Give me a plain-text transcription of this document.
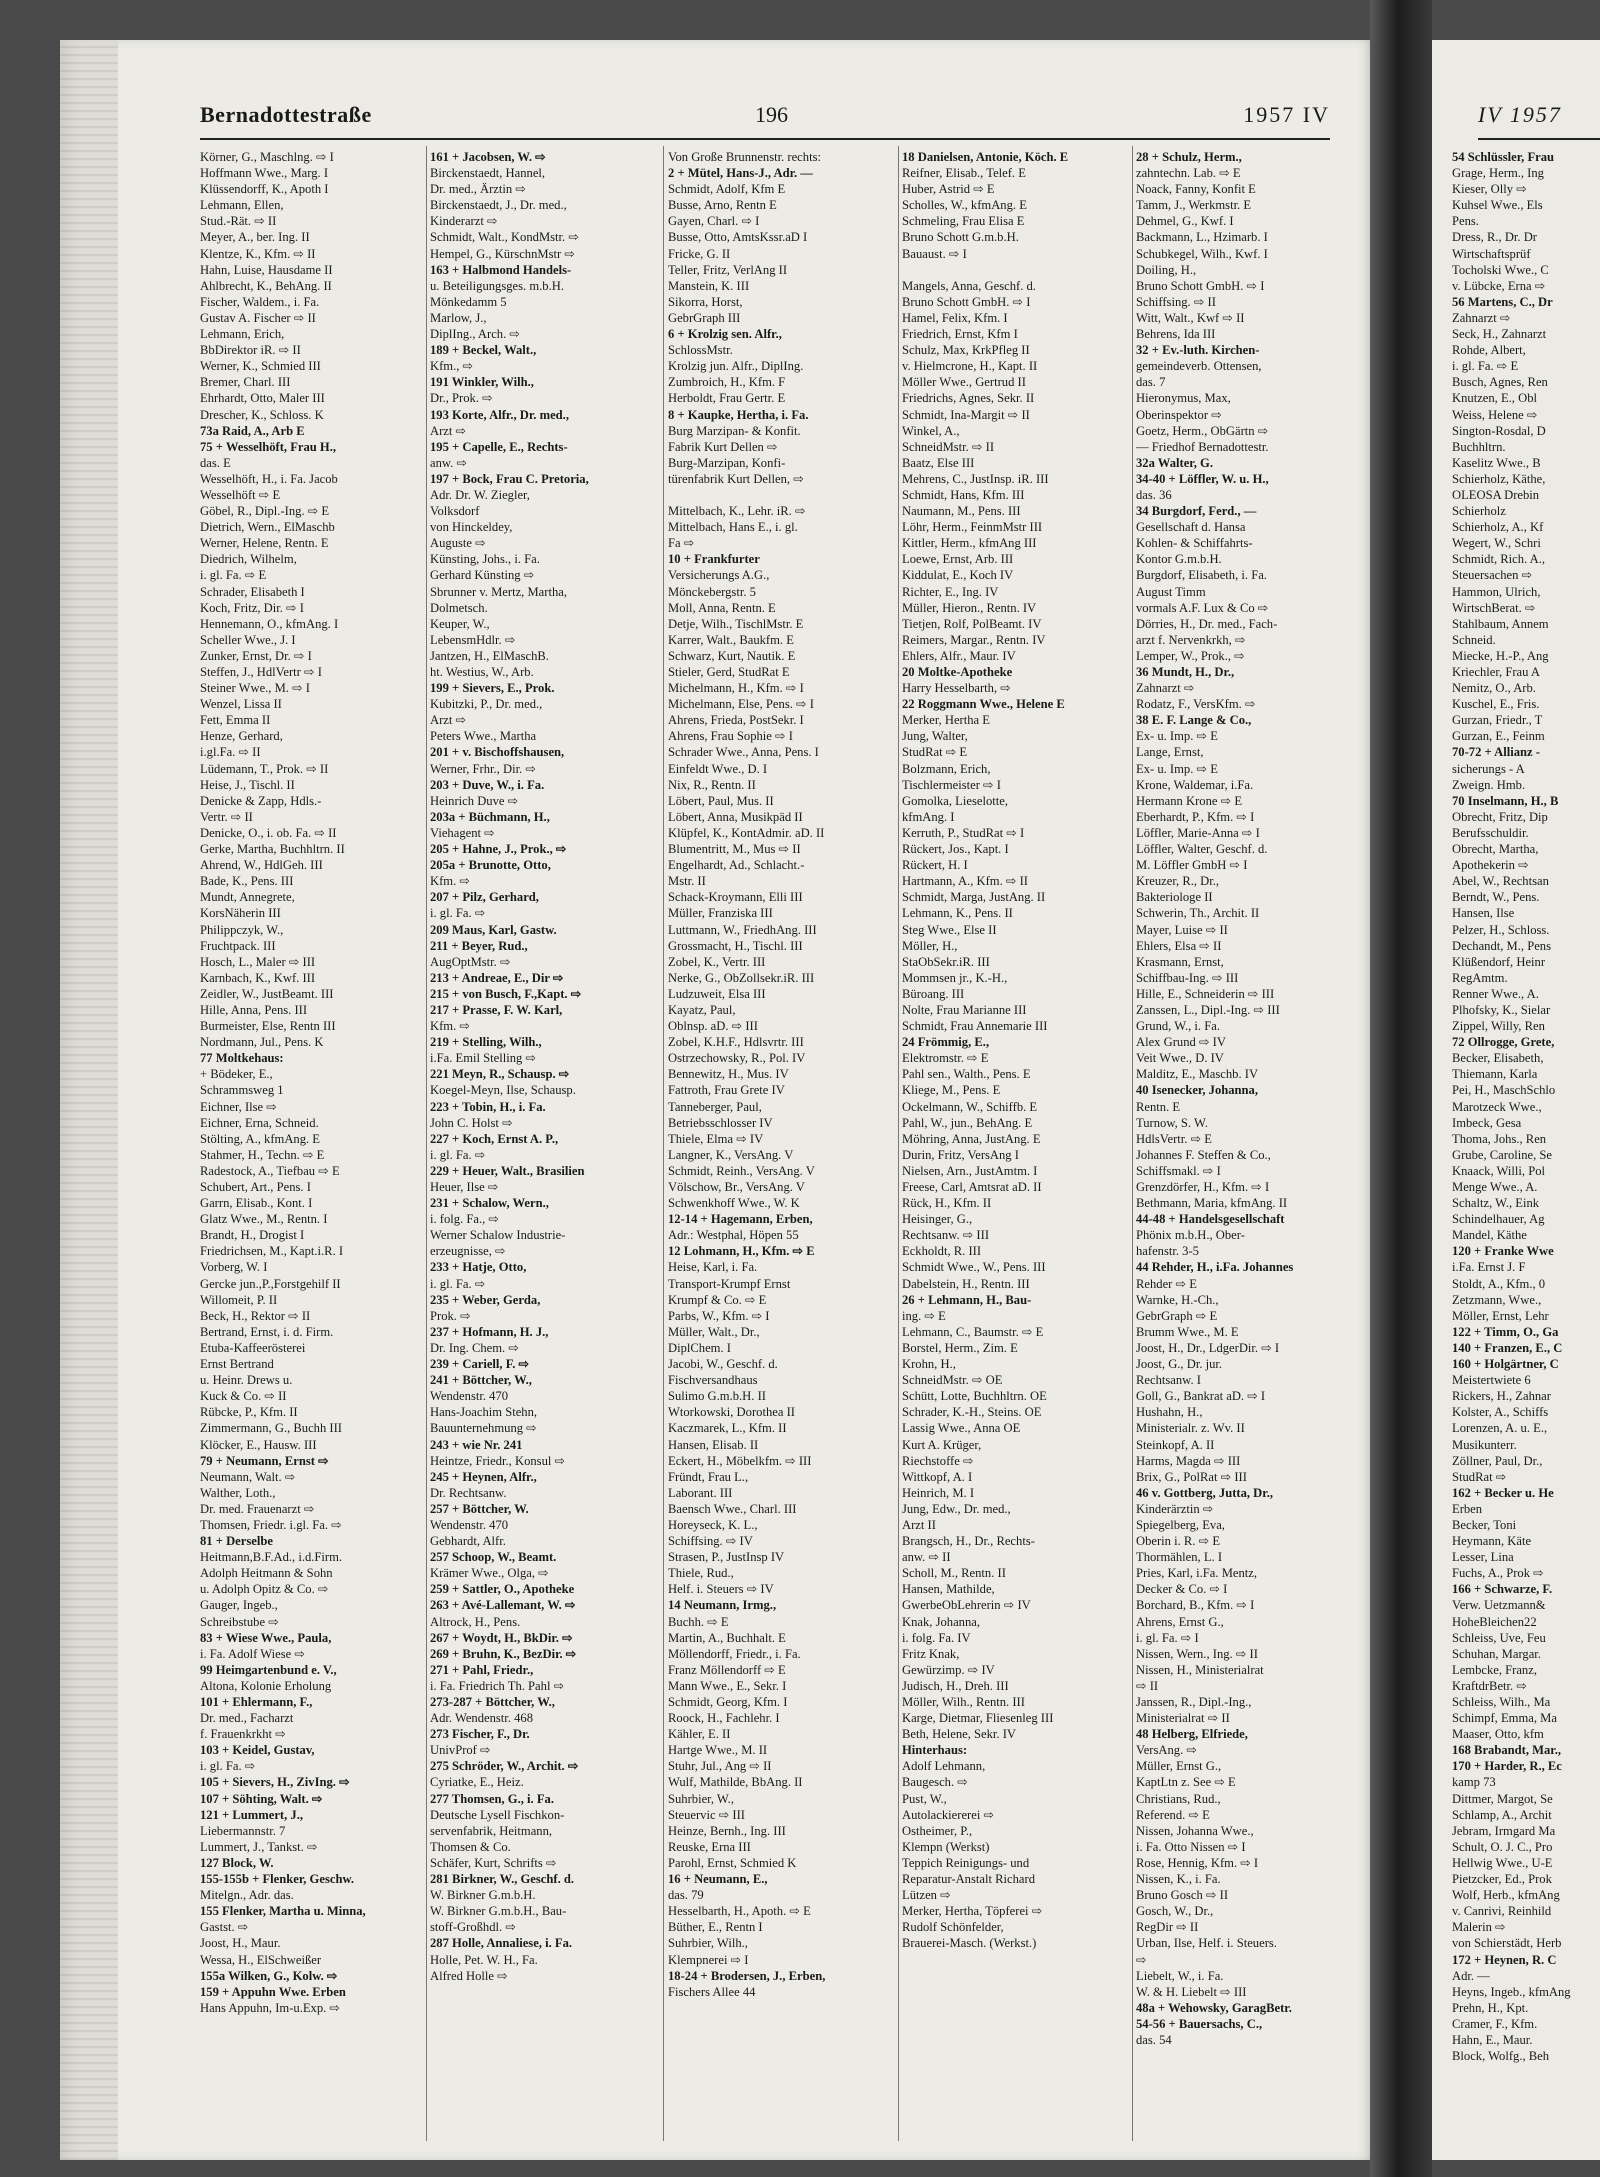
Bernadottestraße	196	1957 IV	IV 1957
Körner, G., Maschlng. ⇨ I
Hoffmann Wwe., Marg. I
Klüssendorff, K., Apoth I
Lehmann, Ellen,
Stud.-Rät. ⇨ II
Meyer, A., ber. Ing. II
Klentze, K., Kfm. ⇨ II
Hahn, Luise, Hausdame II
Ahlbrecht, K., BehAng. II
Fischer, Waldem., i. Fa.
Gustav A. Fischer ⇨ II
Lehmann, Erich,
BbDirektor iR. ⇨ II
Werner, K., Schmied III
Bremer, Charl. III
Ehrhardt, Otto, Maler III
Drescher, K., Schloss. K
73a Raid, A., Arb E
75 + Wesselhöft, Frau H.,
das. E
Wesselhöft, H., i. Fa. Jacob
Wesselhöft ⇨ E
Göbel, R., Dipl.-Ing. ⇨ E
Dietrich, Wern., ElMaschb
Werner, Helene, Rentn. E
Diedrich, Wilhelm,
i. gl. Fa. ⇨ E
Schrader, Elisabeth I
Koch, Fritz, Dir. ⇨ I
Hennemann, O., kfmAng. I
Scheller Wwe., J. I
Zunker, Ernst, Dr. ⇨ I
Steffen, J., HdlVertr ⇨ I
Steiner Wwe., M. ⇨ I
Wenzel, Lissa II
Fett, Emma II
Henze, Gerhard,
i.gl.Fa. ⇨ II
Lüdemann, T., Prok. ⇨ II
Heise, J., Tischl. II
Denicke & Zapp, Hdls.-
Vertr. ⇨ II
Denicke, O., i. ob. Fa. ⇨ II
Gerke, Martha, Buchhltrn. II
Ahrend, W., HdlGeh. III
Bade, K., Pens. III
Mundt, Annegrete,
KorsNäherin III
Philippczyk, W.,
Fruchtpack. III
Hosch, L., Maler ⇨ III
Karnbach, K., Kwf. III
Zeidler, W., JustBeamt. III
Hille, Anna, Pens. III
Burmeister, Else, Rentn III
Nordmann, Jul., Pens. K
77 Moltkehaus:
+ Bödeker, E.,
Schrammsweg 1
Eichner, Ilse ⇨
Eichner, Erna, Schneid.
Stölting, A., kfmAng. E
Stahmer, H., Techn. ⇨ E
Radestock, A., Tiefbau ⇨ E
Schubert, Art., Pens. I
Garrn, Elisab., Kont. I
Glatz Wwe., M., Rentn. I
Brandt, H., Drogist I
Friedrichsen, M., Kapt.i.R. I
Vorberg, W. I
Gercke jun.,P.,Forstgehilf II
Willomeit, P. II
Beck, H., Rektor ⇨ II
Bertrand, Ernst, i. d. Firm.
Etuba-Kaffeerösterei
Ernst Bertrand
u. Heinr. Drews u.
Kuck & Co. ⇨ II
Rübcke, P., Kfm. II
Zimmermann, G., Buchh III
Klöcker, E., Hausw. III
79 + Neumann, Ernst ⇨
Neumann, Walt. ⇨
Walther, Loth.,
Dr. med. Frauenarzt ⇨
Thomsen, Friedr. i.gl. Fa. ⇨
81 + Derselbe
Heitmann,B.F.Ad., i.d.Firm.
Adolph Heitmann & Sohn
u. Adolph Opitz & Co. ⇨
Gauger, Ingeb.,
Schreibstube ⇨
83 + Wiese Wwe., Paula,
i. Fa. Adolf Wiese ⇨
99 Heimgartenbund e. V.,
Altona, Kolonie Erholung
101 + Ehlermann, F.,
Dr. med., Facharzt
f. Frauenkrkht ⇨
103 + Keidel, Gustav,
i. gl. Fa. ⇨
105 + Sievers, H., ZivIng. ⇨
107 + Söhting, Walt. ⇨
121 + Lummert, J.,
Liebermannstr. 7
Lummert, J., Tankst. ⇨
127 Block, W.
155-155b + Flenker, Geschw.
Mitelgn., Adr. das.
155 Flenker, Martha u. Minna,
Gastst. ⇨
Joost, H., Maur.
Wessa, H., ElSchweißer
155a Wilken, G., Kolw. ⇨
159 + Appuhn Wwe. Erben
Hans Appuhn, Im-u.Exp. ⇨
161 + Jacobsen, W. ⇨
Birckenstaedt, Hannel,
Dr. med., Ärztin ⇨
Birckenstaedt, J., Dr. med.,
Kinderarzt ⇨
Schmidt, Walt., KondMstr. ⇨
Hempel, G., KürschnMstr ⇨
163 + Halbmond Handels-
u. Beteiligungsges. m.b.H.
Mönkedamm 5
Marlow, J.,
DiplIng., Arch. ⇨
189 + Beckel, Walt.,
Kfm., ⇨
191 Winkler, Wilh.,
Dr., Prok. ⇨
193 Korte, Alfr., Dr. med.,
Arzt ⇨
195 + Capelle, E., Rechts-
anw. ⇨
197 + Bock, Frau C. Pretoria,
Adr. Dr. W. Ziegler,
Volksdorf
von Hinckeldey,
Auguste ⇨
Künsting, Johs., i. Fa.
Gerhard Künsting ⇨
Sbrunner v. Mertz, Martha,
Dolmetsch.
Keuper, W.,
LebensmHdlr. ⇨
Jantzen, H., ElMaschB.
ht. Westius, W., Arb.
199 + Sievers, E., Prok.
Kubitzki, P., Dr. med.,
Arzt ⇨
Peters Wwe., Martha
201 + v. Bischoffshausen,
Werner, Frhr., Dir. ⇨
203 + Duve, W., i. Fa.
Heinrich Duve ⇨
203a + Büchmann, H.,
Viehagent ⇨
205 + Hahne, J., Prok., ⇨
205a + Brunotte, Otto,
Kfm. ⇨
207 + Pilz, Gerhard,
i. gl. Fa. ⇨
209 Maus, Karl, Gastw.
211 + Beyer, Rud.,
AugOptMstr. ⇨
213 + Andreae, E., Dir ⇨
215 + von Busch, F.,Kapt. ⇨
217 + Prasse, F. W. Karl,
Kfm. ⇨
219 + Stelling, Wilh.,
i.Fa. Emil Stelling ⇨
221 Meyn, R., Schausp. ⇨
Koegel-Meyn, Ilse, Schausp.
223 + Tobin, H., i. Fa.
John C. Holst ⇨
227 + Koch, Ernst A. P.,
i. gl. Fa. ⇨
229 + Heuer, Walt., Brasilien
Heuer, Ilse ⇨
231 + Schalow, Wern.,
i. folg. Fa., ⇨
Werner Schalow Industrie-
erzeugnisse, ⇨
233 + Hatje, Otto,
i. gl. Fa. ⇨
235 + Weber, Gerda,
Prok. ⇨
237 + Hofmann, H. J.,
Dr. Ing. Chem. ⇨
239 + Cariell, F. ⇨
241 + Böttcher, W.,
Wendenstr. 470
Hans-Joachim Stehn,
Bauunternehmung ⇨
243 + wie Nr. 241
Heintze, Friedr., Konsul ⇨
245 + Heynen, Alfr.,
Dr. Rechtsanw.
257 + Böttcher, W.
Wendenstr. 470
Gebhardt, Alfr.
257 Schoop, W., Beamt.
Krämer Wwe., Olga, ⇨
259 + Sattler, O., Apotheke
263 + Avé-Lallemant, W. ⇨
Altrock, H., Pens.
267 + Woydt, H., BkDir. ⇨
269 + Bruhn, K., BezDir. ⇨
271 + Pahl, Friedr.,
i. Fa. Friedrich Th. Pahl ⇨
273-287 + Böttcher, W.,
Adr. Wendenstr. 468
273 Fischer, F., Dr.
UnivProf ⇨
275 Schröder, W., Archit. ⇨
Cyriatke, E., Heiz.
277 Thomsen, G., i. Fa.
Deutsche Lysell Fischkon-
servenfabrik, Heitmann,
Thomsen & Co.
Schäfer, Kurt, Schrifts ⇨
281 Birkner, W., Geschf. d.
W. Birkner G.m.b.H.
W. Birkner G.m.b.H., Bau-
stoff-Großhdl. ⇨
287 Holle, Annaliese, i. Fa.
Holle, Pet. W. H., Fa.
Alfred Holle ⇨
Von Große Brunnenstr. rechts:
2 + Mütel, Hans-J., Adr. —
Schmidt, Adolf, Kfm E
Busse, Arno, Rentn E
Gayen, Charl. ⇨ I
Busse, Otto, AmtsKssr.aD I
Fricke, G. II
Teller, Fritz, VerlAng II
Manstein, K. III
Sikorra, Horst,
GebrGraph III
6 + Krolzig sen. Alfr.,
SchlossMstr.
Krolzig jun. Alfr., DiplIng.
Zumbroich, H., Kfm. F
Herboldt, Frau Gertr. E
8 + Kaupke, Hertha, i. Fa.
Burg Marzipan- & Konfit.
Fabrik Kurt Dellen ⇨
Burg-Marzipan, Konfi-
türenfabrik Kurt Dellen, ⇨

Mittelbach, K., Lehr. iR. ⇨
Mittelbach, Hans E., i. gl.
Fa ⇨
10 + Frankfurter
Versicherungs A.G.,
Mönckebergstr. 5
Moll, Anna, Rentn. E
Detje, Wilh., TischlMstr. E
Karrer, Walt., Baukfm. E
Schwarz, Kurt, Nautik. E
Stieler, Gerd, StudRat E
Michelmann, H., Kfm. ⇨ I
Michelmann, Else, Pens. ⇨ I
Ahrens, Frieda, PostSekr. I
Ahrens, Frau Sophie ⇨ I
Schrader Wwe., Anna, Pens. I
Einfeldt Wwe., D. I
Nix, R., Rentn. II
Löbert, Paul, Mus. II
Löbert, Anna, Musikpäd II
Klüpfel, K., KontAdmir. aD. II
Blumentritt, M., Mus ⇨ II
Engelhardt, Ad., Schlacht.-
Mstr. II
Schack-Kroymann, Elli III
Müller, Franziska III
Luttmann, W., FriedhAng. III
Grossmacht, H., Tischl. III
Zobel, K., Vertr. III
Nerke, G., ObZollsekr.iR. III
Ludzuweit, Elsa III
Kayatz, Paul,
Oblnsp. aD. ⇨ III
Zobel, K.H.F., Hdlsvrtr. III
Ostrzechowsky, R., Pol. IV
Bennewitz, H., Mus. IV
Fattroth, Frau Grete IV
Tanneberger, Paul,
Betriebsschlosser IV
Thiele, Elma ⇨ IV
Langner, K., VersAng. V
Schmidt, Reinh., VersAng. V
Völschow, Br., VersAng. V
Schwenkhoff Wwe., W. K
12-14 + Hagemann, Erben,
Adr.: Westphal, Höpen 55
12 Lohmann, H., Kfm. ⇨ E
Heise, Karl, i. Fa.
Transport-Krumpf Ernst
Krumpf & Co. ⇨ E
Parbs, W., Kfm. ⇨ I
Müller, Walt., Dr.,
DiplChem. I
Jacobi, W., Geschf. d.
Fischversandhaus
Sulimo G.m.b.H. II
Wtorkowski, Dorothea II
Kaczmarek, L., Kfm. II
Hansen, Elisab. II
Eckert, H., Möbelkfm. ⇨ III
Fründt, Frau L.,
Laborant. III
Baensch Wwe., Charl. III
Horeyseck, K. L.,
Schiffsing. ⇨ IV
Strasen, P., JustInsp IV
Thiele, Rud.,
Helf. i. Steuers ⇨ IV
14 Neumann, Irmg.,
Buchh. ⇨ E
Martin, A., Buchhalt. E
Möllendorff, Friedr., i. Fa.
Franz Möllendorff ⇨ E
Mann Wwe., E., Sekr. I
Schmidt, Georg, Kfm. I
Roock, H., Fachlehr. I
Kähler, E. II
Hartge Wwe., M. II
Stuhr, Jul., Ang ⇨ II
Wulf, Mathilde, BbAng. II
Suhrbier, W.,
Steuervic ⇨ III
Heinze, Bernh., Ing. III
Reuske, Erna III
Parohl, Ernst, Schmied K
16 + Neumann, E.,
das. 79
Hesselbarth, H., Apoth. ⇨ E
Büther, E., Rentn I
Suhrbier, Wilh.,
Klempnerei ⇨ I
18-24 + Brodersen, J., Erben,
Fischers Allee 44
18 Danielsen, Antonie, Köch. E
Reifner, Elisab., Telef. E
Huber, Astrid ⇨ E
Scholles, W., kfmAng. E
Schmeling, Frau Elisa E
Bruno Schott G.m.b.H.
Bauaust. ⇨ I

Mangels, Anna, Geschf. d.
Bruno Schott GmbH. ⇨ I
Hamel, Felix, Kfm. I
Friedrich, Ernst, Kfm I
Schulz, Max, KrkPfleg II
v. Hielmcrone, H., Kapt. II
Möller Wwe., Gertrud II
Friedrichs, Agnes, Sekr. II
Schmidt, Ina-Margit ⇨ II
Winkel, A.,
SchneidMstr. ⇨ II
Baatz, Else III
Mehrens, C., JustInsp. iR. III
Schmidt, Hans, Kfm. III
Naumann, M., Pens. III
Löhr, Herm., FeinmMstr III
Kittler, Herm., kfmAng III
Loewe, Ernst, Arb. III
Kiddulat, E., Koch IV
Richter, E., Ing. IV
Müller, Hieron., Rentn. IV
Tietjen, Rolf, PolBeamt. IV
Reimers, Margar., Rentn. IV
Ehlers, Alfr., Maur. IV
20 Moltke-Apotheke
Harry Hesselbarth, ⇨
22 Roggmann Wwe., Helene E
Merker, Hertha E
Jung, Walter,
StudRat ⇨ E
Bolzmann, Erich,
Tischlermeister ⇨ I
Gomolka, Lieselotte,
kfmAng. I
Kerruth, P., StudRat ⇨ I
Rückert, Jos., Kapt. I
Rückert, H. I
Hartmann, A., Kfm. ⇨ II
Schmidt, Marga, JustAng. II
Lehmann, K., Pens. II
Steg Wwe., Else II
Möller, H.,
StaObSekr.iR. III
Mommsen jr., K.-H.,
Büroang. III
Nolte, Frau Marianne III
Schmidt, Frau Annemarie III
24 Frömmig, E.,
Elektromstr. ⇨ E
Pahl sen., Walth., Pens. E
Kliege, M., Pens. E
Ockelmann, W., Schiffb. E
Pahl, W., jun., BehAng. E
Möhring, Anna, JustAng. E
Durin, Fritz, VersAng I
Nielsen, Arn., JustAmtm. I
Freese, Carl, Amtsrat aD. II
Rück, H., Kfm. II
Heisinger, G.,
Rechtsanw. ⇨ III
Eckholdt, R. III
Schmidt Wwe., W., Pens. III
Dabelstein, H., Rentn. III
26 + Lehmann, H., Bau-
ing. ⇨ E
Lehmann, C., Baumstr. ⇨ E
Borstel, Herm., Zim. E
Krohn, H.,
SchneidMstr. ⇨ OE
Schütt, Lotte, Buchhltrn. OE
Schrader, K.-H., Steins. OE
Lassig Wwe., Anna OE
Kurt A. Krüger,
Riechstoffe ⇨
Wittkopf, A. I
Heinrich, M. I
Jung, Edw., Dr. med.,
Arzt II
Brangsch, H., Dr., Rechts-
anw. ⇨ II
Scholl, M., Rentn. II
Hansen, Mathilde,
GwerbeObLehrerin ⇨ IV
Knak, Johanna,
i. folg. Fa. IV
Fritz Knak,
Gewürzimp. ⇨ IV
Judisch, H., Dreh. III
Möller, Wilh., Rentn. III
Karge, Dietmar, Fliesenleg III
Beth, Helene, Sekr. IV
Hinterhaus:
Adolf Lehmann,
Baugesch. ⇨
Pust, W.,
Autolackiererei ⇨
Ostheimer, P.,
Klempn (Werkst)
Teppich Reinigungs- und
Reparatur-Anstalt Richard
Lützen ⇨
Merker, Hertha, Töpferei ⇨
Rudolf Schönfelder,
Brauerei-Masch. (Werkst.)
28 + Schulz, Herm.,
zahntechn. Lab. ⇨ E
Noack, Fanny, Konfit E
Tamm, J., Werkmstr. E
Dehmel, G., Kwf. I
Backmann, L., Hzimarb. I
Schubkegel, Wilh., Kwf. I
Doiling, H.,
Bruno Schott GmbH. ⇨ I
Schiffsing. ⇨ II
Witt, Walt., Kwf ⇨ II
Behrens, Ida III
32 + Ev.-luth. Kirchen-
gemeindeverb. Ottensen,
das. 7
Hieronymus, Max,
Oberinspektor ⇨
Goetz, Herm., ObGärtn ⇨
— Friedhof Bernadottestr.
32a Walter, G.
34-40 + Löffler, W. u. H.,
das. 36
34 Burgdorf, Ferd., —
Gesellschaft d. Hansa
Kohlen- & Schiffahrts-
Kontor G.m.b.H.
Burgdorf, Elisabeth, i. Fa.
August Timm
vormals A.F. Lux & Co ⇨
Dörries, H., Dr. med., Fach-
arzt f. Nervenkrkh, ⇨
Lemper, W., Prok., ⇨
36 Mundt, H., Dr.,
Zahnarzt ⇨
Rodatz, F., VersKfm. ⇨
38 E. F. Lange & Co.,
Ex- u. Imp. ⇨ E
Lange, Ernst,
Ex- u. Imp. ⇨ E
Krone, Waldemar, i.Fa.
Hermann Krone ⇨ E
Eberhardt, P., Kfm. ⇨ I
Löffler, Marie-Anna ⇨ I
Löffler, Walter, Geschf. d.
M. Löffler GmbH ⇨ I
Kreuzer, R., Dr.,
Bakteriologe II
Schwerin, Th., Archit. II
Mayer, Luise ⇨ II
Ehlers, Elsa ⇨ II
Krasmann, Ernst,
Schiffbau-Ing. ⇨ III
Hille, E., Schneiderin ⇨ III
Zanssen, L., Dipl.-Ing. ⇨ III
Grund, W., i. Fa.
Alex Grund ⇨ IV
Veit Wwe., D. IV
Malditz, E., Maschb. IV
40 Isenecker, Johanna,
Rentn. E
Turnow, S. W.
HdlsVertr. ⇨ E
Johannes F. Steffen & Co.,
Schiffsmakl. ⇨ I
Grenzdörfer, H., Kfm. ⇨ I
Bethmann, Maria, kfmAng. II
44-48 + Handelsgesellschaft
Phönix m.b.H., Ober-
hafenstr. 3-5
44 Rehder, H., i.Fa. Johannes
Rehder ⇨ E
Warnke, H.-Ch.,
GebrGraph ⇨ E
Brumm Wwe., M. E
Joost, H., Dr., LdgerDir. ⇨ I
Joost, G., Dr. jur.
Rechtsanw. I
Goll, G., Bankrat aD. ⇨ I
Hushahn, H.,
Ministerialr. z. Wv. II
Steinkopf, A. II
Harms, Magda ⇨ III
Brix, G., PolRat ⇨ III
46 v. Gottberg, Jutta, Dr.,
Kinderärztin ⇨
Spiegelberg, Eva,
Oberin i. R. ⇨ E
Thormählen, L. I
Pries, Karl, i.Fa. Mentz,
Decker & Co. ⇨ I
Borchard, B., Kfm. ⇨ I
Ahrens, Ernst G.,
i. gl. Fa. ⇨ I
Nissen, Wern., Ing. ⇨ II
Nissen, H., Ministerialrat
⇨ II
Janssen, R., Dipl.-Ing.,
Ministerialrat ⇨ II
48 Helberg, Elfriede,
VersAng. ⇨
Müller, Ernst G.,
KaptLtn z. See ⇨ E
Christians, Rud.,
Referend. ⇨ E
Nissen, Johanna Wwe.,
i. Fa. Otto Nissen ⇨ I
Rose, Hennig, Kfm. ⇨ I
Nissen, K., i. Fa.
Bruno Gosch ⇨ II
Gosch, W., Dr.,
RegDir ⇨ II
Urban, Ilse, Helf. i. Steuers.
⇨
Liebelt, W., i. Fa.
W. & H. Liebelt ⇨ III
48a + Wehowsky, GaragBetr.
54-56 + Bauersachs, C.,
das. 54
54 Schlüssler, Frau
Grage, Herm., Ing
Kieser, Olly ⇨
Kuhsel Wwe., Els
Pens.
Dress, R., Dr. Dr
Wirtschaftsprüf
Tocholski Wwe., C
v. Lübcke, Erna ⇨
56 Martens, C., Dr
Zahnarzt ⇨
Seck, H., Zahnarzt
Rohde, Albert,
i. gl. Fa. ⇨ E
Busch, Agnes, Ren
Knutzen, E., Obl
Weiss, Helene ⇨
Sington-Rosdal, D
Buchhltrn.
Kaselitz Wwe., B
Schierholz, Käthe,
OLEOSA Drebin
Schierholz
Schierholz, A., Kf
Wegert, W., Schri
Schmidt, Rich. A.,
Steuersachen ⇨
Hammon, Ulrich,
WirtschBerat. ⇨
Stahlbaum, Annem
Schneid.
Miecke, H.-P., Ang
Kriechler, Frau A
Nemitz, O., Arb.
Kuschel, E., Fris.
Gurzan, Friedr., T
Gurzan, E., Feinm
70-72 + Allianz -
sicherungs - A
Zweign. Hmb.
70 Inselmann, H., B
Obrecht, Fritz, Dip
Berufsschuldir.
Obrecht, Martha,
Apothekerin ⇨
Abel, W., Rechtsan
Berndt, W., Pens.
Hansen, Ilse
Pelzer, H., Schloss.
Dechandt, M., Pens
Klüßendorf, Heinr
RegAmtm.
Renner Wwe., A.
Plhofsky, K., Sielar
Zippel, Willy, Ren
72 Ollrogge, Grete,
Becker, Elisabeth,
Thiemann, Karla
Pei, H., MaschSchlo
Marotzeck Wwe.,
Imbeck, Gesa
Thoma, Johs., Ren
Grube, Caroline, Se
Knaack, Willi, Pol
Menge Wwe., A.
Schaltz, W., Eink
Schindelhauer, Ag
Mandel, Käthe
120 + Franke Wwe
i.Fa. Ernst J. F
Stoldt, A., Kfm., 0
Zetzmann, Wwe.,
Möller, Ernst, Lehr
122 + Timm, O., Ga
140 + Franzen, E., C
160 + Holgärtner, C
Meistertwiete 6
Rickers, H., Zahnar
Kolster, A., Schiffs
Lorenzen, A. u. E.,
Musikunterr.
Zöllner, Paul, Dr.,
StudRat ⇨
162 + Becker u. He
Erben
Becker, Toni
Heymann, Käte
Lesser, Lina
Fuchs, A., Prok ⇨
166 + Schwarze, F.
Verw. Uetzmann&
HoheBleichen22
Schleiss, Uve, Feu
Schuhan, Margar.
Lembcke, Franz,
KraftdrBetr. ⇨
Schleiss, Wilh., Ma
Schimpf, Emma, Ma
Maaser, Otto, kfm
168 Brabandt, Mar.,
170 + Harder, R., Ec
kamp 73
Dittmer, Margot, Se
Schlamp, A., Archit
Jebram, Irmgard Ma
Schult, O. J. C., Pro
Hellwig Wwe., U-E
Pietzcker, Ed., Prok
Wolf, Herb., kfmAng
v. Canrivi, Reinhild
Malerin ⇨
von Schierstädt, Herb
172 + Heynen, R. C
Adr. —
Heyns, Ingeb., kfmAng
Prehn, H., Kpt.
Cramer, F., Kfm.
Hahn, E., Maur.
Block, Wolfg., Beh
